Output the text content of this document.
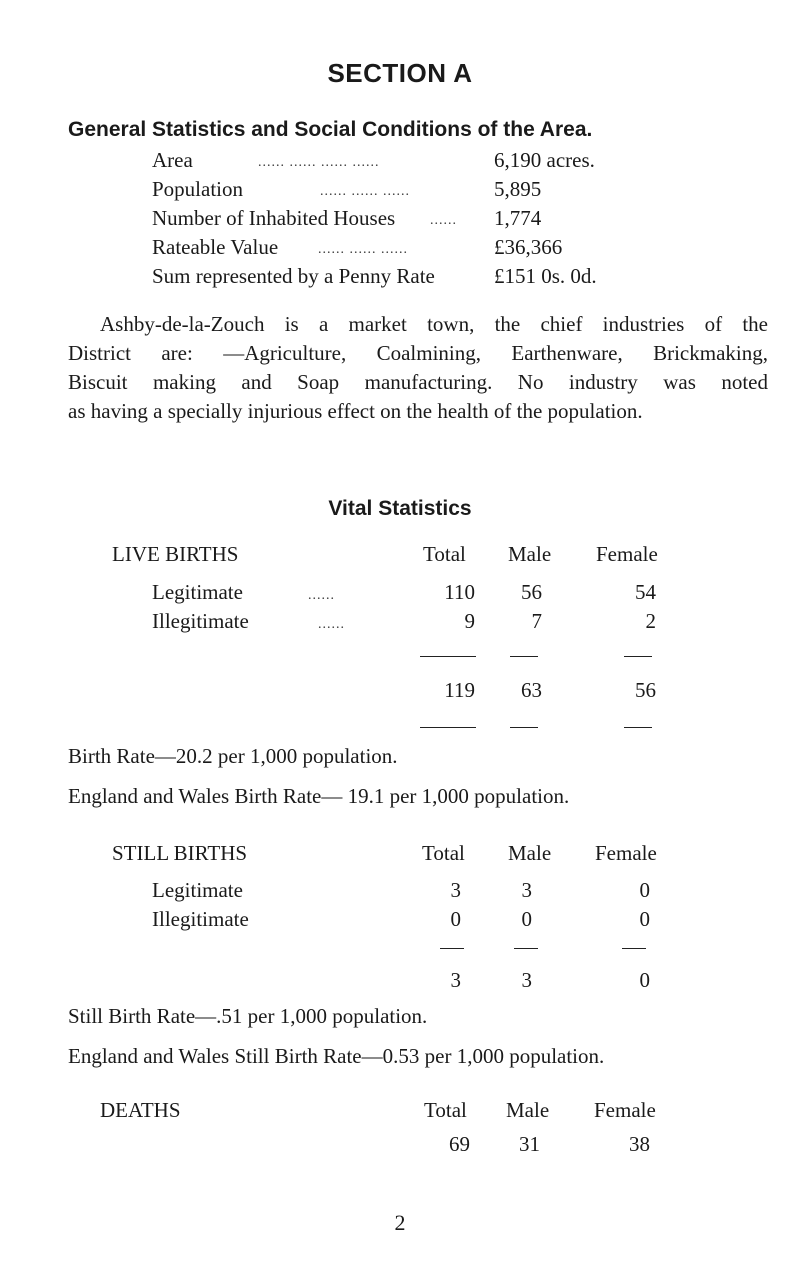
SECTION A
General Statistics and Social Conditions of the Area.
Area	...... ...... ...... ......	6,190 acres.
Population	...... ...... ......	5,895
Number of Inhabited Houses ...... 1,774
Rateable Value	...... ...... ......	£36,366
Sum represented by a Penny Rate	£151 0s. 0d.
Ashby-de-la-Zouch is a market town, the chief industries of the
District are: —Agriculture, Coalmining, Earthenware, Brickmaking,
Biscuit making and Soap manufacturing. No industry was noted
as having a specially injurious effect on the health of the population.
Vital Statistics
LIVE BIRTHS	Total Male Female
Legitimate	......	110	56	54
Illegitimate	......	9	7	2
119	63	56
Birth Rate—20.2 per 1,000 population.
England and Wales Birth Rate— 19.1 per 1,000 population.
STILL BIRTHS	Total Male Female
Legitimate	3	3	0
Illegitimate	0	0	0
3	3	0
Still Birth Rate—.51 per 1,000 population.
England and Wales Still Birth Rate—0.53 per 1,000 population.
DEATHS	Total Male Female
69	31	38
2
